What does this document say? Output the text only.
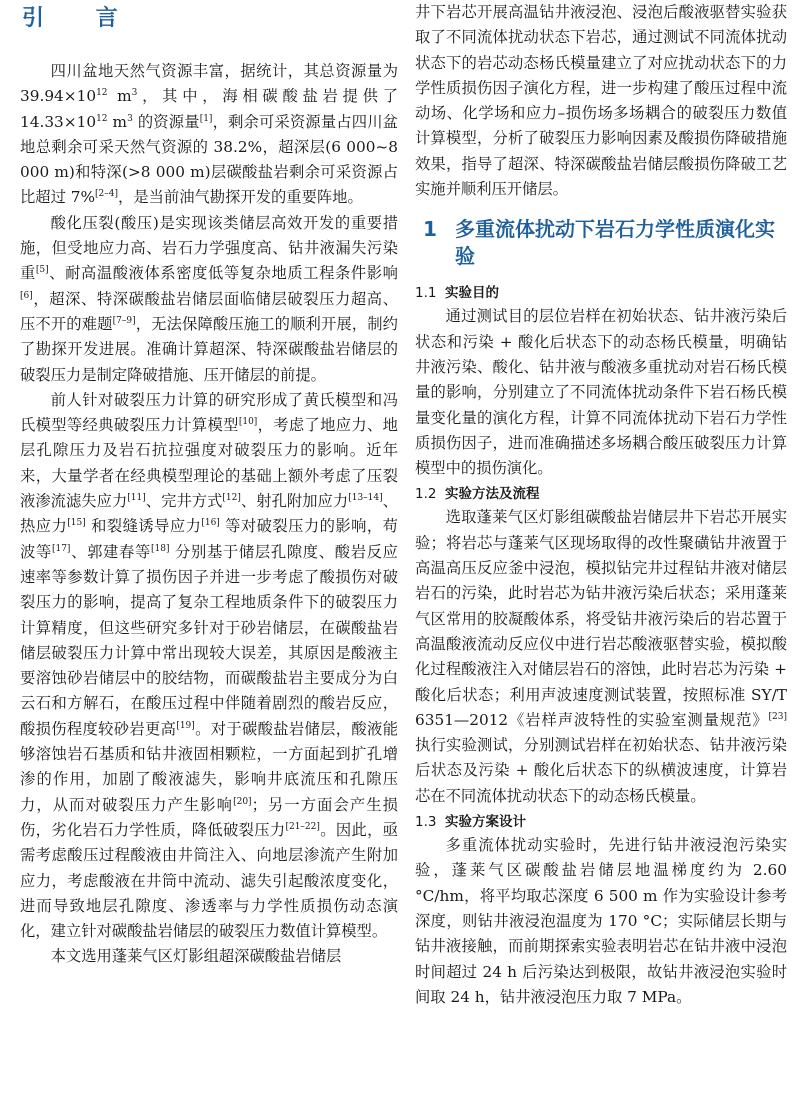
引 言

四川盆地天然气资源丰富，据统计，其总资源量为 $39.94\times 10^{12}$ $m^3$，其中，海相碳酸盐岩提供了 $14.33\times 10^{12}$ $m^3$ 的资源量[1]，剩余可采资源量占四川盆地总剩余可采天然气资源的 38.2%，超深层(6 000~8 000 m)和特深(>8 000 m)层碳酸盐岩剩余可采资源占比超过 7%[2–4]，是当前油气勘探开发的重要阵地。

酸化压裂(酸压)是实现该类储层高效开发的重要措施，但受地应力高、岩石力学强度高、钻井液漏失污染重[5]、耐高温酸液体系密度低等复杂地质工程条件影响[6]，超深、特深碳酸盐岩储层面临储层破裂压力超高、压不开的难题[7–9]，无法保障酸压施工的顺利开展，制约了勘探开发进展。准确计算超深、特深碳酸盐岩储层的破裂压力是制定降破措施、压开储层的前提。

前人针对破裂压力计算的研究形成了黄氏模型和冯氏模型等经典破裂压力计算模型[10]，考虑了地应力、地层孔隙压力及岩石抗拉强度对破裂压力的影响。近年来，大量学者在经典模型理论的基础上额外考虑了压裂液渗流滤失应力[11]、完井方式[12]、射孔附加应力[13–14]、热应力[15] 和裂缝诱导应力[16] 等对破裂压力的影响，苟波等[17]、郭建春等[18] 分别基于储层孔隙度、酸岩反应速率等参数计算了损伤因子并进一步考虑了酸损伤对破裂压力的影响，提高了复杂工程地质条件下的破裂压力计算精度，但这些研究多针对于砂岩储层，在碳酸盐岩储层破裂压力计算中常出现较大误差，其原因是酸液主要溶蚀砂岩储层中的胶结物，而碳酸盐岩主要成分为白云石和方解石，在酸压过程中伴随着剧烈的酸岩反应，酸损伤程度较砂岩更高[19]。对于碳酸盐岩储层，酸液能够溶蚀岩石基质和钻井液固相颗粒，一方面起到扩孔增渗的作用，加剧了酸液滤失，影响井底流压和孔隙压力，从而对破裂压力产生影响[20]；另一方面会产生损伤，劣化岩石力学性质，降低破裂压力[21–22]。因此，亟需考虑酸压过程酸液由井筒注入、向地层渗流产生附加应力，考虑酸液在井筒中流动、滤失引起酸浓度变化，进而导致地层孔隙度、渗透率与力学性质损伤动态演化，建立针对碳酸盐岩储层的破裂压力数值计算模型。

本文选用蓬莱气区灯影组超深碳酸盐岩储层

井下岩芯开展高温钻井液浸泡、浸泡后酸液驱替实验获取了不同流体扰动状态下岩芯，通过测试不同流体扰动状态下的岩芯动态杨氏模量建立了对应扰动状态下的力学性质损伤因子演化方程，进一步构建了酸压过程中流动场、化学场和应力–损伤场多场耦合的破裂压力数值计算模型，分析了破裂压力影响因素及酸损伤降破措施效果，指导了超深、特深碳酸盐岩储层酸损伤降破工艺实施并顺利压开储层。

1 多重流体扰动下岩石力学性质演化实验
1.1 实验目的

通过测试目的层位岩样在初始状态、钻井液污染后状态和污染 + 酸化后状态下的动态杨氏模量，明确钻井液污染、酸化、钻井液与酸液多重扰动对岩石杨氏模量的影响，分别建立了不同流体扰动条件下岩石杨氏模量变化量的演化方程，计算不同流体扰动下岩石力学性质损伤因子，进而准确描述多场耦合酸压破裂压力计算模型中的损伤演化。

1.2 实验方法及流程

选取蓬莱气区灯影组碳酸盐岩储层井下岩芯开展实验；将岩芯与蓬莱气区现场取得的改性聚磺钻井液置于高温高压反应釜中浸泡，模拟钻完井过程钻井液对储层岩石的污染，此时岩芯为钻井液污染后状态；采用蓬莱气区常用的胶凝酸体系，将受钻井液污染后的岩芯置于高温酸液流动反应仪中进行岩芯酸液驱替实验，模拟酸化过程酸液注入对储层岩石的溶蚀，此时岩芯为污染 + 酸化后状态；利用声波速度测试装置，按照标准 SY/T 6351—2012《岩样声波特性的实验室测量规范》[23] 执行实验测试，分别测试岩样在初始状态、钻井液污染后状态及污染 + 酸化后状态下的纵横波速度，计算岩芯在不同流体扰动状态下的动态杨氏模量。

1.3 实验方案设计

多重流体扰动实验时，先进行钻井液浸泡污染实验，蓬莱气区碳酸盐岩储层地温梯度约为 2.60 °C/hm，将平均取芯深度 6 500 m 作为实验设计参考深度，则钻井液浸泡温度为 170 °C；实际储层长期与钻井液接触，而前期探索实验表明岩芯在钻井液中浸泡时间超过 24 h 后污染达到极限，故钻井液浸泡实验时间取 24 h，钻井液浸泡压力取 7 MPa。
